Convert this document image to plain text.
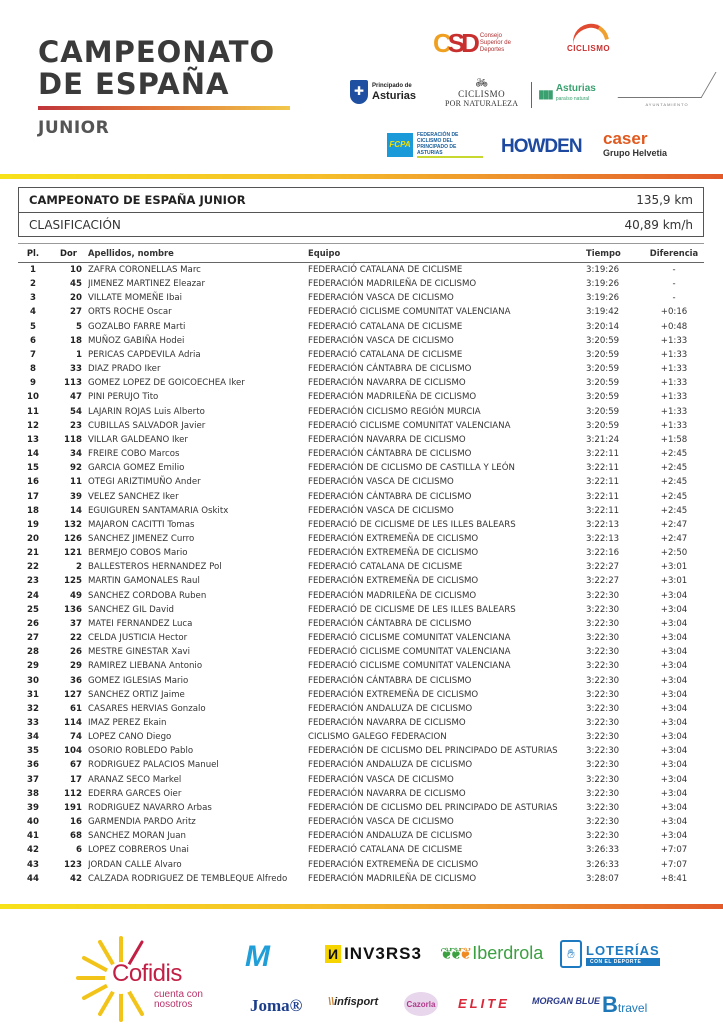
CAMPEONATO
DE ESPAÑA
JUNIOR
CSD Consejo Superior de Deportes	CICLISMO
✚	Principado de
Asturias
🚲︎
CICLISMO
POR NATURALEZA
▮▮▮ Asturias
paraíso natural
AYUNTAMIENTO
FCPA
FEDERACIÓN DE CICLISMO DEL PRINCIPADO DE ASTURIAS	HOWDEN caser
Grupo Helvetia
CAMPEONATO DE ESPAÑA JUNIOR	135,9 km
CLASIFICACIÓN	40,89 km/h
Pl.	Dor	Apellidos, nombre	Equipo	Tiempo	Diferencia
1	10	ZAFRA CORONELLAS Marc	FEDERACIÓ CATALANA DE CICLISME	3:19:26	-
2	45	JIMENEZ MARTINEZ Eleazar	FEDERACIÓN MADRILEÑA DE CICLISMO	3:19:26	-
3	20	VILLATE MOMEÑE Ibai	FEDERACIÓN VASCA DE CICLISMO	3:19:26	-
4	27	ORTS ROCHE Oscar	FEDERACIÓ CICLISME COMUNITAT VALENCIANA	3:19:42	+0:16
5	5	GOZALBO FARRE Marti	FEDERACIÓ CATALANA DE CICLISME	3:20:14	+0:48
6	18	MUÑOZ GABIÑA Hodei	FEDERACIÓN VASCA DE CICLISMO	3:20:59	+1:33
7	1	PERICAS CAPDEVILA Adria	FEDERACIÓ CATALANA DE CICLISME	3:20:59	+1:33
8	33	DIAZ PRADO Iker	FEDERACIÓN CÁNTABRA DE CICLISMO	3:20:59	+1:33
9	113	GOMEZ LOPEZ DE GOICOECHEA Iker	FEDERACIÓN NAVARRA DE CICLISMO	3:20:59	+1:33
10	47	PINI PERUJO Tito	FEDERACIÓN MADRILEÑA DE CICLISMO	3:20:59	+1:33
11	54	LAJARIN ROJAS Luis Alberto	FEDERACIÓN CICLISMO REGIÓN MURCIA	3:20:59	+1:33
12	23	CUBILLAS SALVADOR Javier	FEDERACIÓ CICLISME COMUNITAT VALENCIANA	3:20:59	+1:33
13	118	VILLAR GALDEANO Iker	FEDERACIÓN NAVARRA DE CICLISMO	3:21:24	+1:58
14	34	FREIRE COBO Marcos	FEDERACIÓN CÁNTABRA DE CICLISMO	3:22:11	+2:45
15	92	GARCIA GOMEZ Emilio	FEDERACIÓN DE CICLISMO DE CASTILLA Y LEÓN	3:22:11	+2:45
16	11	OTEGI ARIZTIMUÑO Ander	FEDERACIÓN VASCA DE CICLISMO	3:22:11	+2:45
17	39	VELEZ SANCHEZ Iker	FEDERACIÓN CÁNTABRA DE CICLISMO	3:22:11	+2:45
18	14	EGUIGUREN SANTAMARIA Oskitx	FEDERACIÓN VASCA DE CICLISMO	3:22:11	+2:45
19	132	MAJARON CACITTI Tomas	FEDERACIÓ DE CICLISME DE LES ILLES BALEARS	3:22:13	+2:47
20	126	SANCHEZ JIMENEZ Curro	FEDERACIÓN EXTREMEÑA DE CICLISMO	3:22:13	+2:47
21	121	BERMEJO COBOS Mario	FEDERACIÓN EXTREMEÑA DE CICLISMO	3:22:16	+2:50
22	2	BALLESTEROS HERNANDEZ Pol	FEDERACIÓ CATALANA DE CICLISME	3:22:27	+3:01
23	125	MARTIN GAMONALES Raul	FEDERACIÓN EXTREMEÑA DE CICLISMO	3:22:27	+3:01
24	49	SANCHEZ CORDOBA Ruben	FEDERACIÓN MADRILEÑA DE CICLISMO	3:22:30	+3:04
25	136	SANCHEZ GIL David	FEDERACIÓ DE CICLISME DE LES ILLES BALEARS	3:22:30	+3:04
26	37	MATEI FERNANDEZ Luca	FEDERACIÓN CÁNTABRA DE CICLISMO	3:22:30	+3:04
27	22	CELDA JUSTICIA Hector	FEDERACIÓ CICLISME COMUNITAT VALENCIANA	3:22:30	+3:04
28	26	MESTRE GINESTAR Xavi	FEDERACIÓ CICLISME COMUNITAT VALENCIANA	3:22:30	+3:04
29	29	RAMIREZ LIEBANA Antonio	FEDERACIÓ CICLISME COMUNITAT VALENCIANA	3:22:30	+3:04
30	36	GOMEZ IGLESIAS Mario	FEDERACIÓN CÁNTABRA DE CICLISMO	3:22:30	+3:04
31	127	SANCHEZ ORTIZ Jaime	FEDERACIÓN EXTREMEÑA DE CICLISMO	3:22:30	+3:04
32	61	CASARES HERVIAS Gonzalo	FEDERACIÓN ANDALUZA DE CICLISMO	3:22:30	+3:04
33	114	IMAZ PEREZ Ekain	FEDERACIÓN NAVARRA DE CICLISMO	3:22:30	+3:04
34	74	LOPEZ CANO Diego	CICLISMO GALEGO FEDERACION	3:22:30	+3:04
35	104	OSORIO ROBLEDO Pablo	FEDERACIÓN DE CICLISMO DEL PRINCIPADO DE ASTURIAS	3:22:30	+3:04
36	67	RODRIGUEZ PALACIOS Manuel	FEDERACIÓN ANDALUZA DE CICLISMO	3:22:30	+3:04
37	17	ARANAZ SECO Markel	FEDERACIÓN VASCA DE CICLISMO	3:22:30	+3:04
38	112	EDERRA GARCES Oier	FEDERACIÓN NAVARRA DE CICLISMO	3:22:30	+3:04
39	191	RODRIGUEZ NAVARRO Arbas	FEDERACIÓN DE CICLISMO DEL PRINCIPADO DE ASTURIAS	3:22:30	+3:04
40	16	GARMENDIA PARDO Aritz	FEDERACIÓN VASCA DE CICLISMO	3:22:30	+3:04
41	68	SANCHEZ MORAN Juan	FEDERACIÓN ANDALUZA DE CICLISMO	3:22:30	+3:04
42	6	LOPEZ COBREROS Unai	FEDERACIÓ CATALANA DE CICLISME	3:26:33	+7:07
43	123	JORDAN CALLE Alvaro	FEDERACIÓN EXTREMEÑA DE CICLISMO	3:26:33	+7:07
44	42	CALZADA RODRIGUEZ DE TEMBLEQUE Alfredo	FEDERACIÓN MADRILEÑA DE CICLISMO	3:28:07	+8:41
Cofidis
cuenta con
nosotros
M	И INV3RS3 ❦❦❦ Iberdrola	✋︎ LOTERÍAS
CON EL DEPORTE
Joma® \\ infisport	Cazorla ELITE MORGAN BLUE B travel
